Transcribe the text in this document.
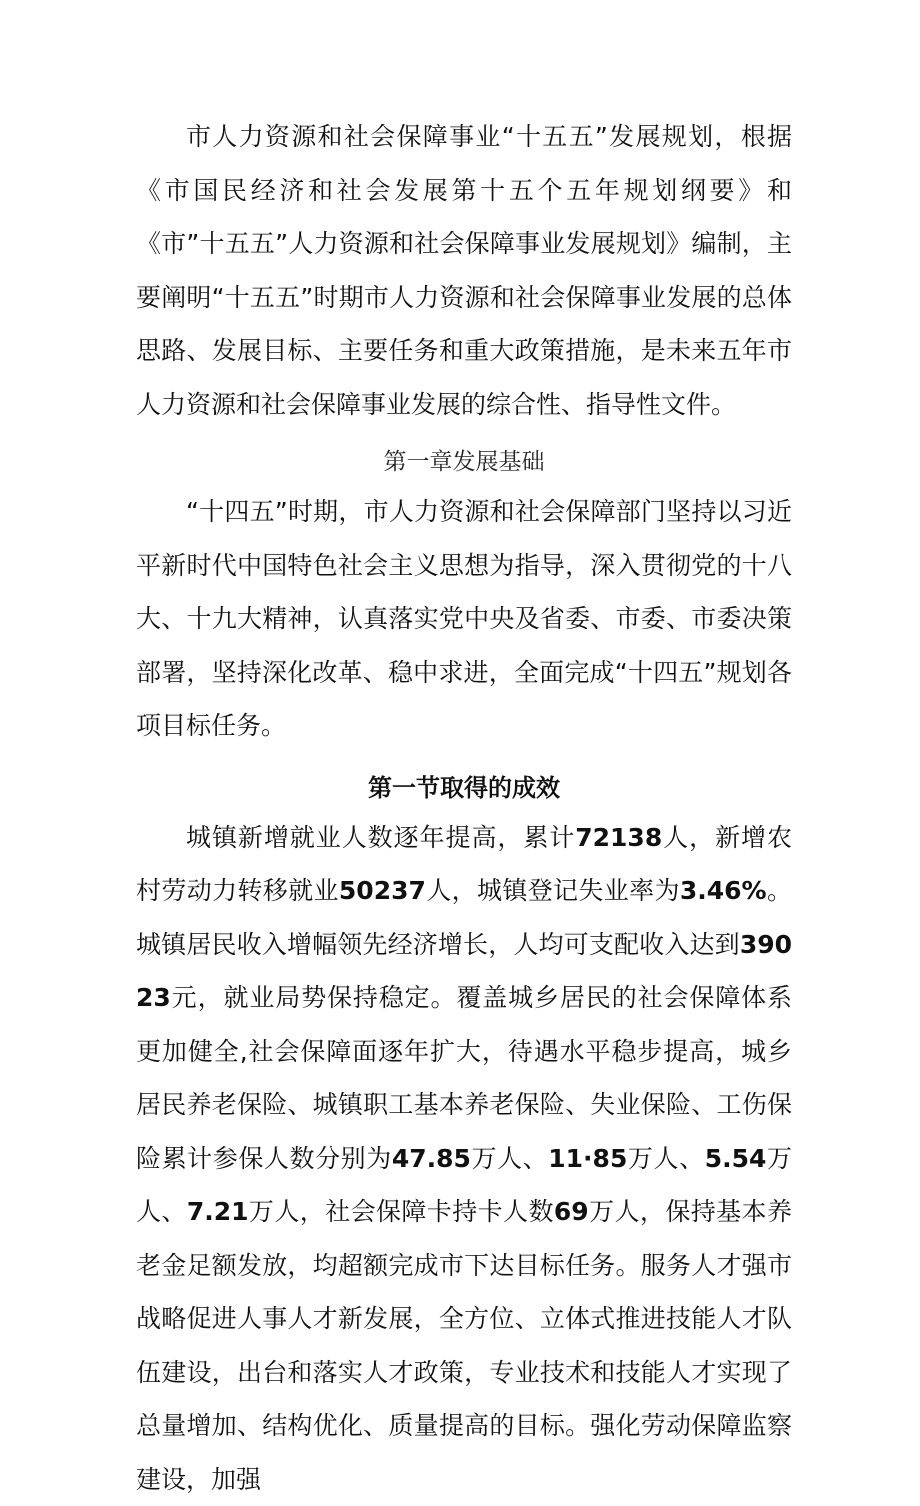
市人力资源和社会保障事业“十五五”发展规划，根据《市国民经济和社会发展第十五个五年规划纲要》和《市”十五五”人力资源和社会保障事业发展规划》编制，主要阐明“十五五”时期市人力资源和社会保障事业发展的总体思路、发展目标、主要任务和重大政策措施，是未来五年市人力资源和社会保障事业发展的综合性、指导性文件。

第一章发展基础

“十四五”时期，市人力资源和社会保障部门坚持以习近平新时代中国特色社会主义思想为指导，深入贯彻党的十八大、十九大精神，认真落实党中央及省委、市委、市委决策部署，坚持深化改革、稳中求进，全面完成“十四五”规划各项目标任务。

第一节取得的成效

城镇新增就业人数逐年提高，累计72138人，新增农村劳动力转移就业50237人，城镇登记失业率为3.46%。城镇居民收入增幅领先经济增长，人均可支配收入达到39023元，就业局势保持稳定。覆盖城乡居民的社会保障体系更加健全,社会保障面逐年扩大，待遇水平稳步提高，城乡居民养老保险、城镇职工基本养老保险、失业保险、工伤保险累计参保人数分别为47.85万人、11·85万人、5.54万人、7.21万人，社会保障卡持卡人数69万人，保持基本养老金足额发放，均超额完成市下达目标任务。服务人才强市战略促进人事人才新发展，全方位、立体式推进技能人才队伍建设，出台和落实人才政策，专业技术和技能人才实现了总量增加、结构优化、质量提高的目标。强化劳动保障监察建设，加强
